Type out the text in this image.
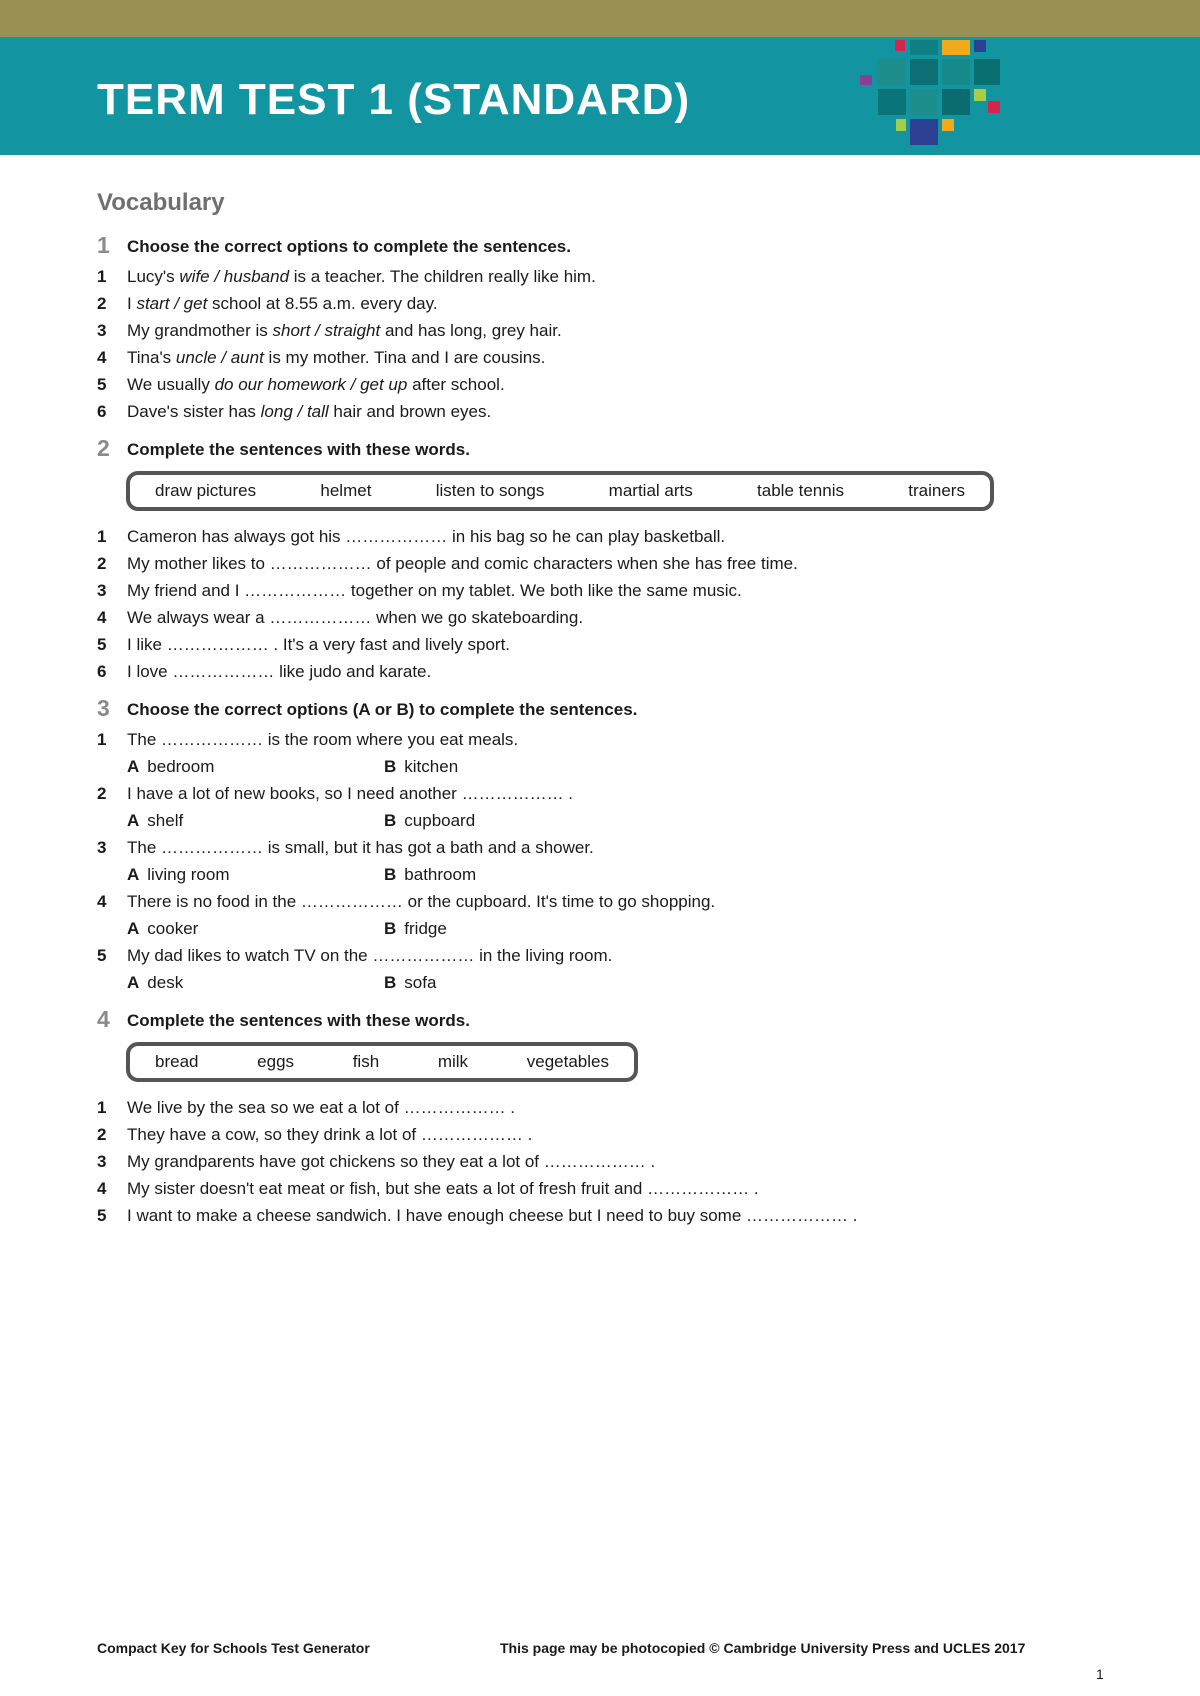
TERM TEST 1 (STANDARD)
Vocabulary
1 Choose the correct options to complete the sentences.
1 Lucy's wife / husband is a teacher. The children really like him.
2 I start / get school at 8.55 a.m. every day.
3 My grandmother is short / straight and has long, grey hair.
4 Tina's uncle / aunt is my mother. Tina and I are cousins.
5 We usually do our homework / get up after school.
6 Dave's sister has long / tall hair and brown eyes.
2 Complete the sentences with these words.
draw pictures	helmet	listen to songs	martial arts	table tennis	trainers
1 Cameron has always got his ……………… in his bag so he can play basketball.
2 My mother likes to ……………… of people and comic characters when she has free time.
3 My friend and I ……………… together on my tablet. We both like the same music.
4 We always wear a ……………… when we go skateboarding.
5 I like ……………… . It's a very fast and lively sport.
6 I love ……………… like judo and karate.
3 Choose the correct options (A or B) to complete the sentences.
1 The ……………… is the room where you eat meals.
A bedroom	B kitchen
2 I have a lot of new books, so I need another ……………… .
A shelf	B cupboard
3 The ……………… is small, but it has got a bath and a shower.
A living room	B bathroom
4 There is no food in the ……………… or the cupboard. It's time to go shopping.
A cooker	B fridge
5 My dad likes to watch TV on the ……………… in the living room.
A desk	B sofa
4 Complete the sentences with these words.
bread	eggs	fish	milk	vegetables
1 We live by the sea so we eat a lot of ……………… .
2 They have a cow, so they drink a lot of ……………… .
3 My grandparents have got chickens so they eat a lot of ……………… .
4 My sister doesn't eat meat or fish, but she eats a lot of fresh fruit and ……………… .
5 I want to make a cheese sandwich. I have enough cheese but I need to buy some ……………… .
Compact Key for Schools Test Generator	This page may be photocopied © Cambridge University Press and UCLES 2017
1
